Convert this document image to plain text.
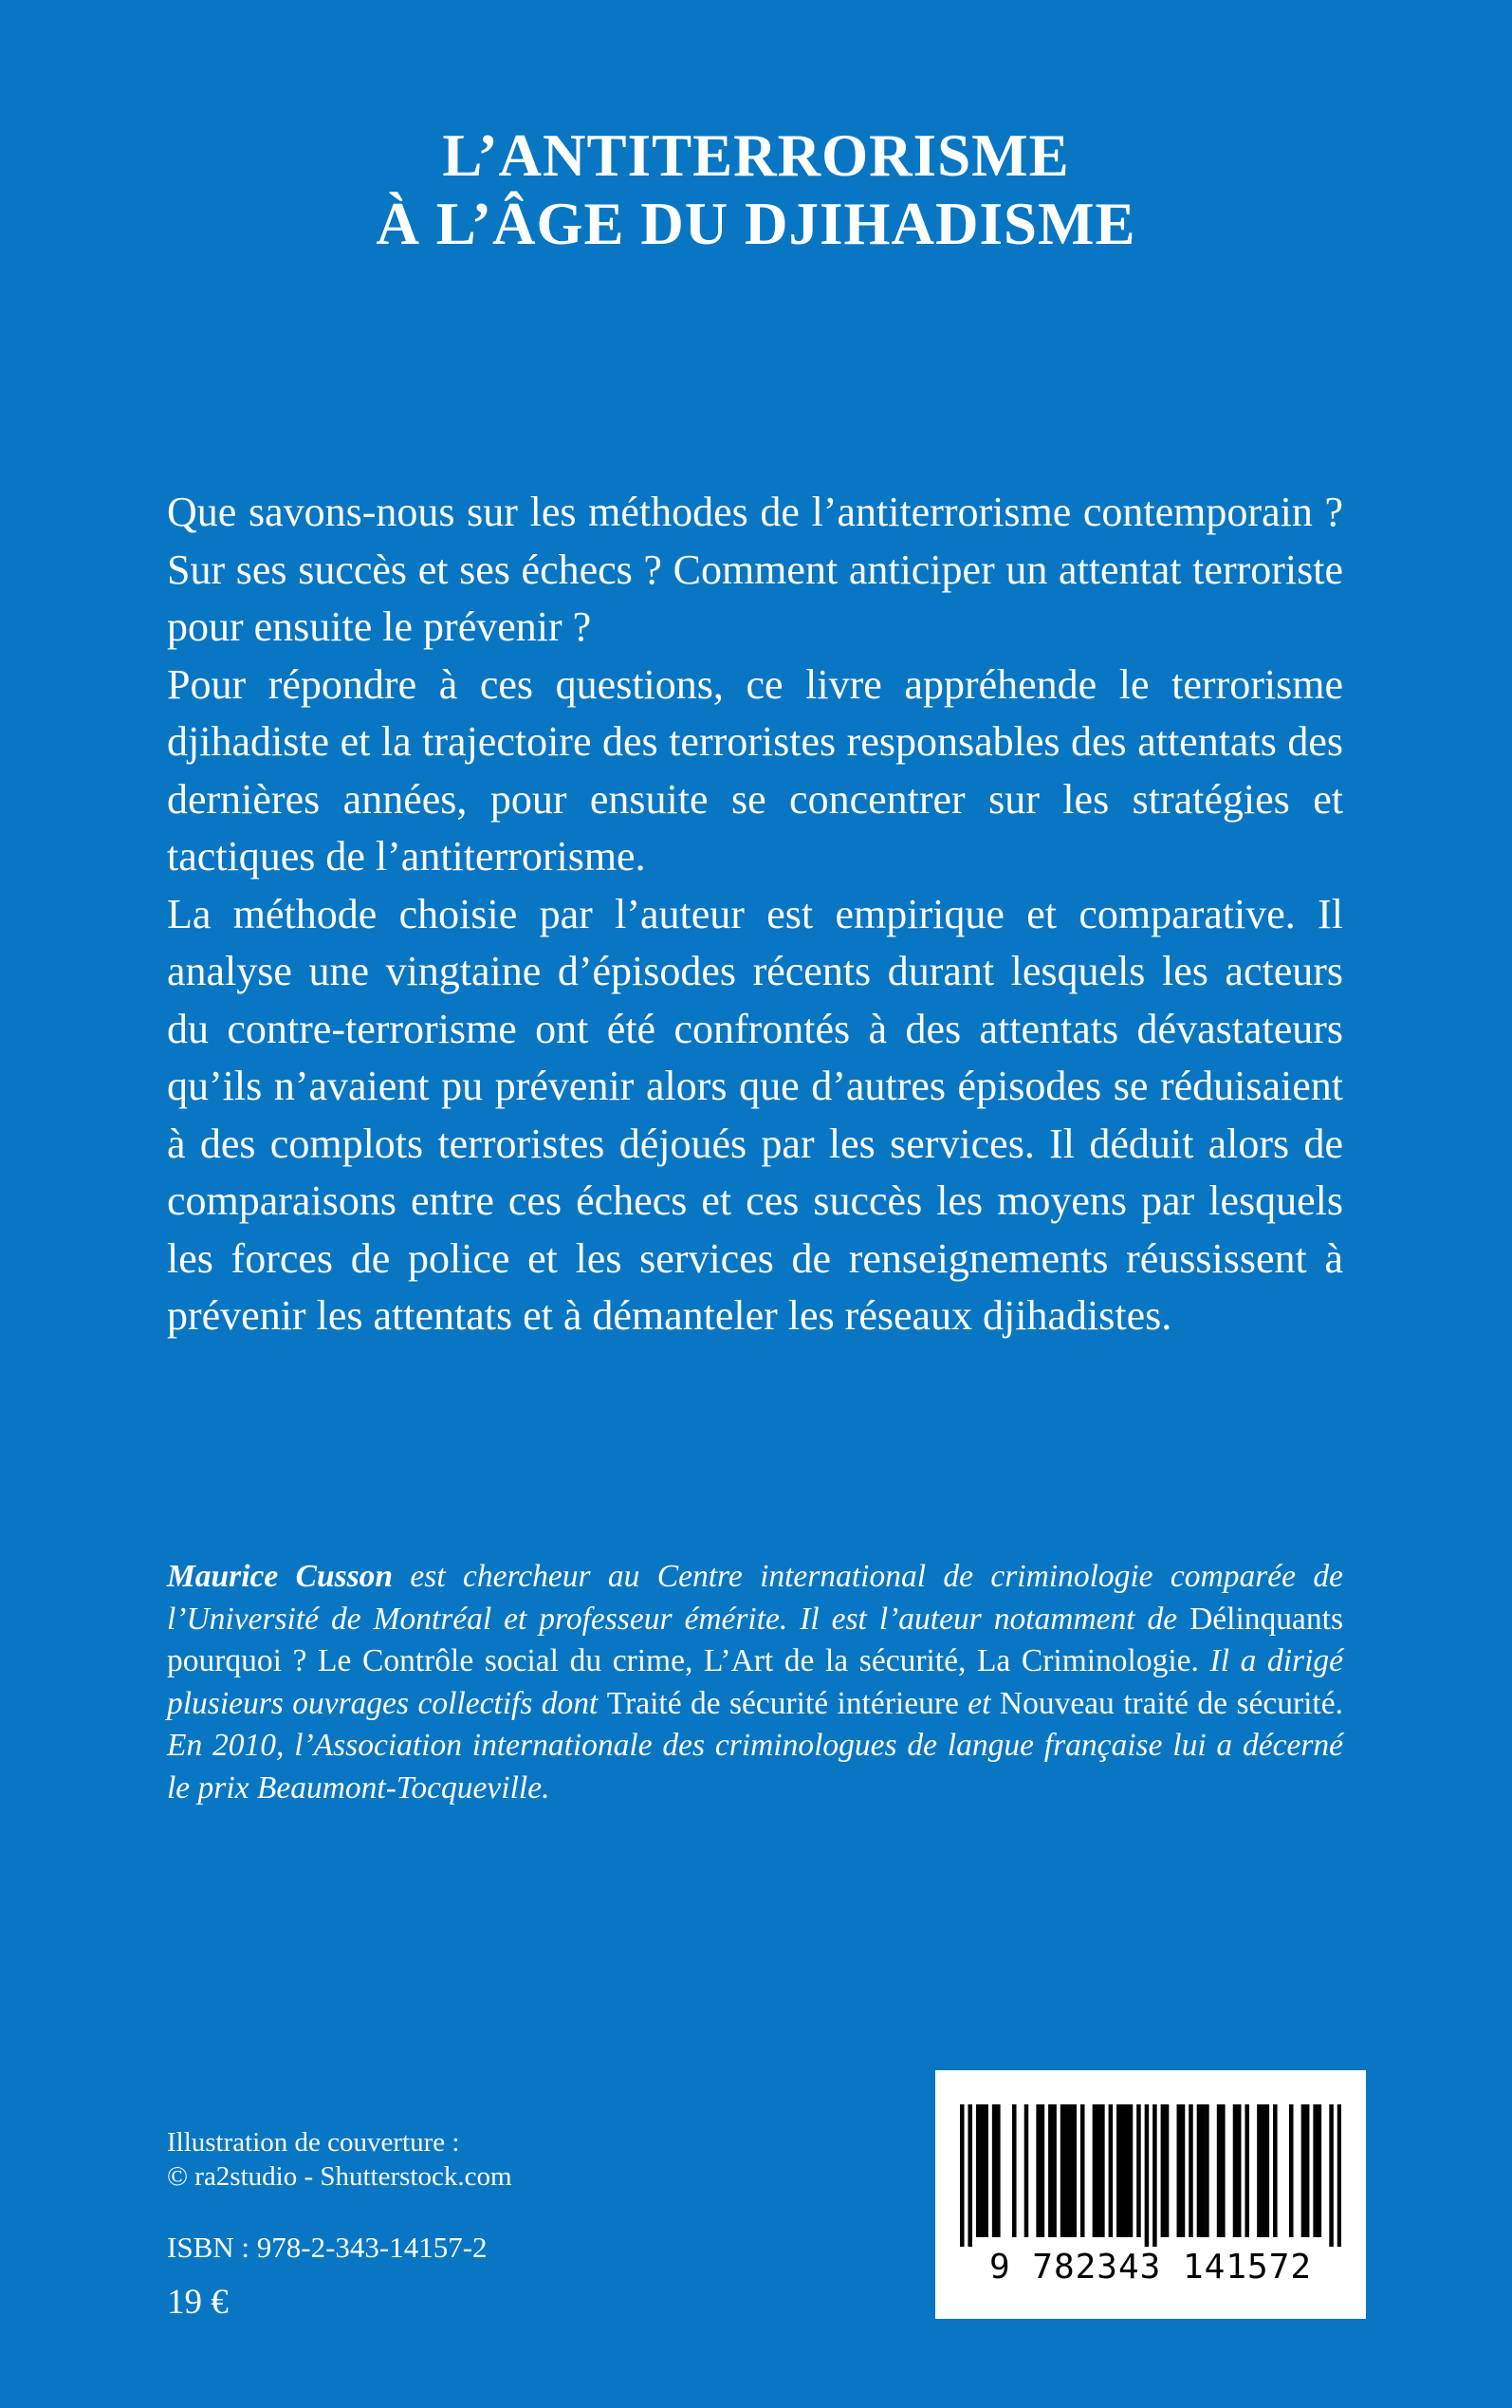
L’ANTITERRORISME
À L’ÂGE DU DJIHADISME

Que savons-nous sur les méthodes de l’antiterrorisme contemporain ? Sur ses succès et ses échecs ? Comment anticiper un attentat terroriste pour ensuite le prévenir ?

Pour répondre à ces questions, ce livre appréhende le terrorisme djihadiste et la trajectoire des terroristes responsables des attentats des dernières années, pour ensuite se concentrer sur les stratégies et tactiques de l’antiterrorisme.

La méthode choisie par l’auteur est empirique et comparative. Il analyse une vingtaine d’épisodes récents durant lesquels les acteurs du contre-terrorisme ont été confrontés à des attentats dévastateurs qu’ils n’avaient pu prévenir alors que d’autres épisodes se réduisaient à des complots terroristes déjoués par les services. Il déduit alors de comparaisons entre ces échecs et ces succès les moyens par lesquels les forces de police et les services de renseignements réussissent à prévenir les attentats et à démanteler les réseaux djihadistes.

Maurice Cusson est chercheur au Centre international de criminologie comparée de l’Université de Montréal et professeur émérite. Il est l’auteur notamment de Délinquants pourquoi ? Le Contrôle social du crime, L’Art de la sécurité, La Criminologie. Il a dirigé plusieurs ouvrages collectifs dont Traité de sécurité intérieure et Nouveau traité de sécurité. En 2010, l’Association internationale des criminologues de langue française lui a décerné le prix Beaumont-Tocqueville.
Illustration de couverture :
© ra2studio - Shutterstock.com
ISBN : 978-2-343-14157-2
19 €
9 782343 141572
